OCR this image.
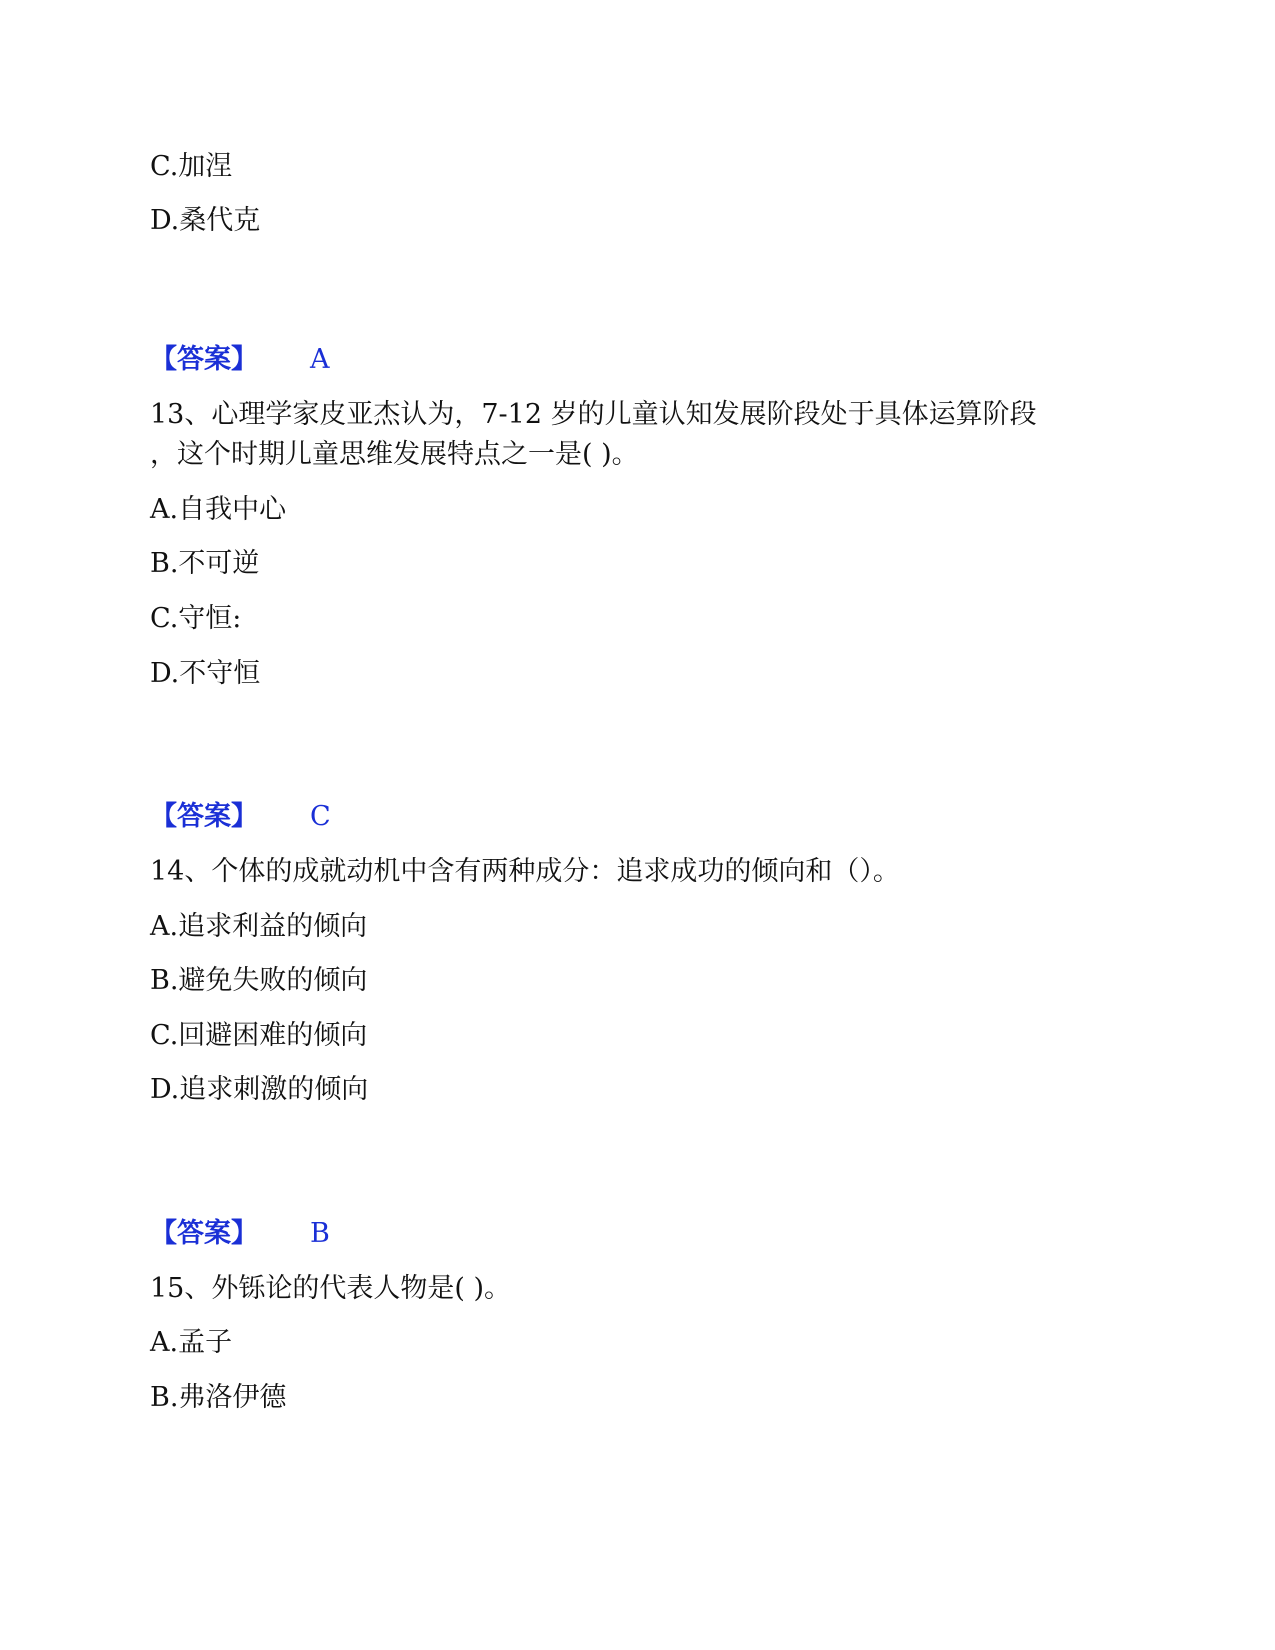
C.加涅
D.桑代克
【答案】 A
13、心理学家皮亚杰认为，7-12 岁的儿童认知发展阶段处于具体运算阶段
，这个时期儿童思维发展特点之一是( )。
A.自我中心
B.不可逆
C.守恒:
D.不守恒
【答案】 C
14、个体的成就动机中含有两种成分：追求成功的倾向和（）。
A.追求利益的倾向
B.避免失败的倾向
C.回避困难的倾向
D.追求刺激的倾向
【答案】 B
15、外铄论的代表人物是( )。
A.孟子
B.弗洛伊德
